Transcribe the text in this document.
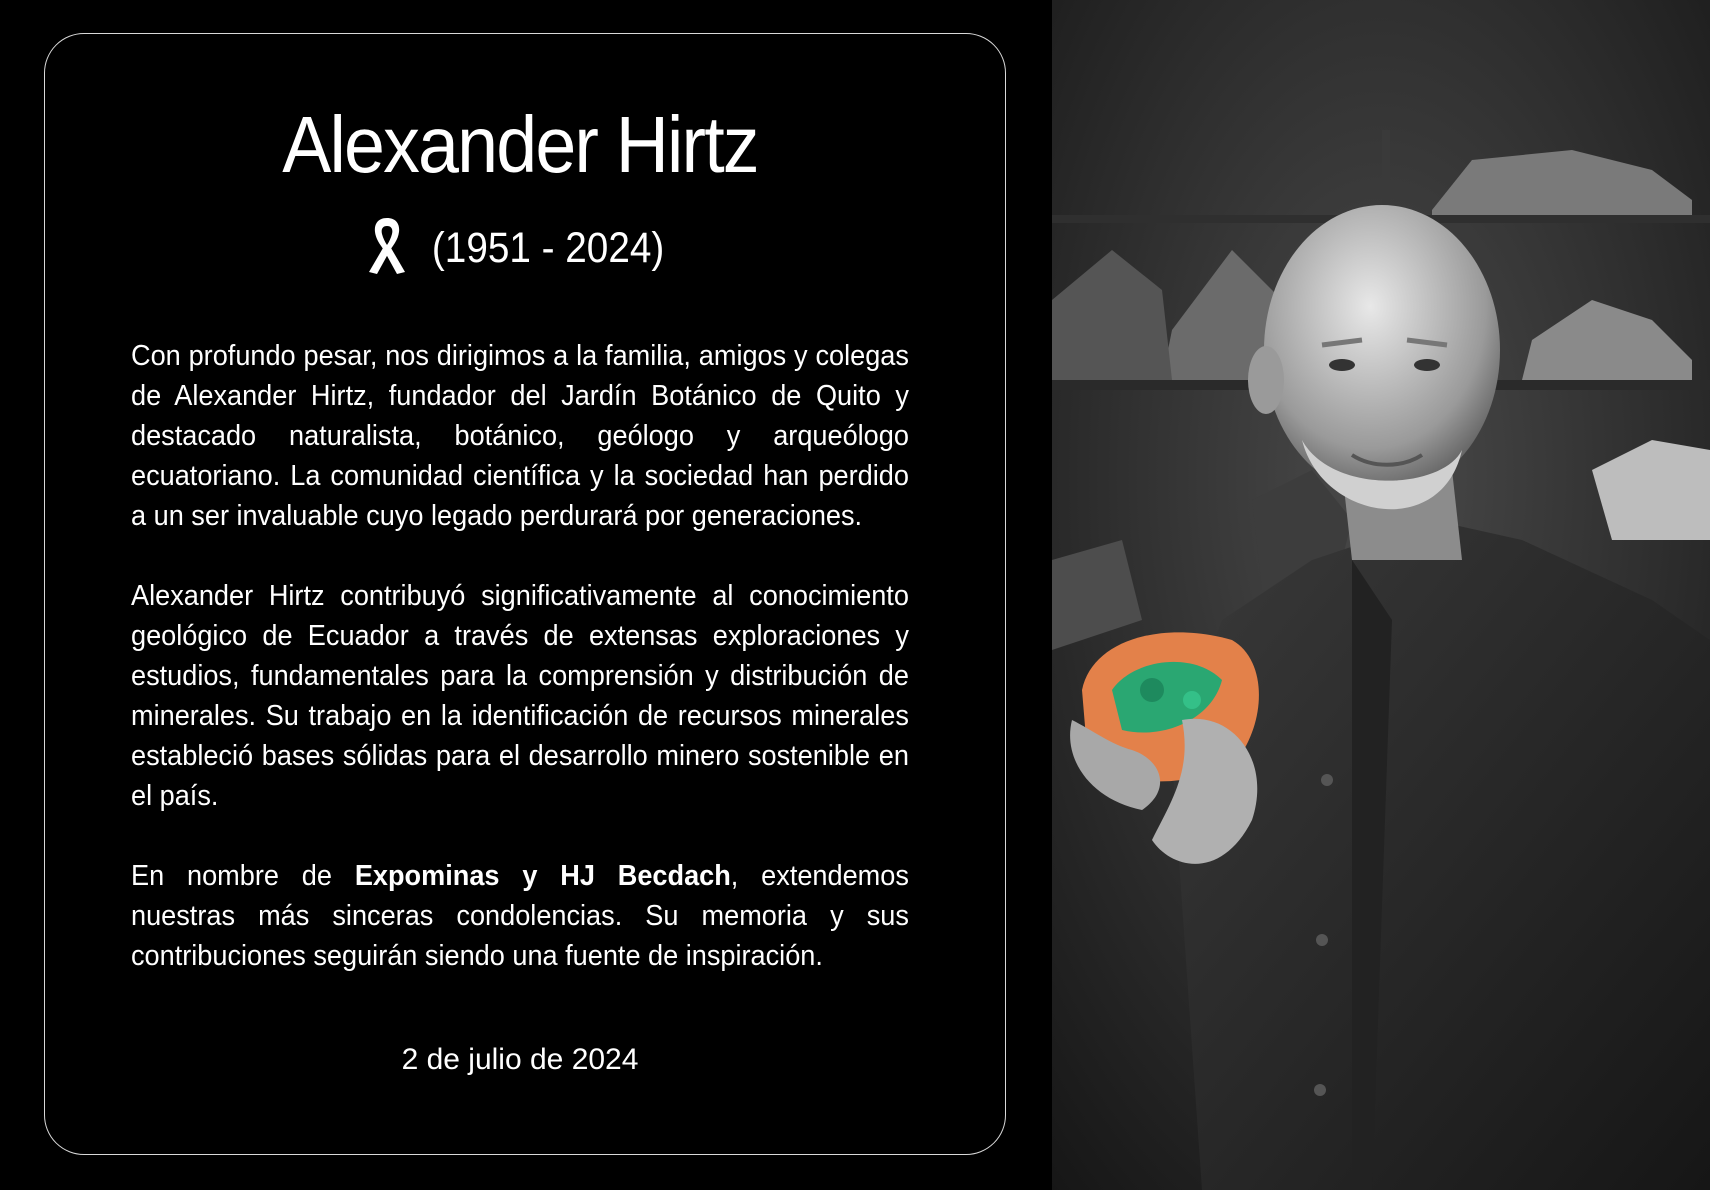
Alexander Hirtz
(1951 - 2024)
Con profundo pesar, nos dirigimos a la familia, amigos y colegas de Alexander Hirtz, fundador del Jardín Botánico de Quito y destacado naturalista, botánico, geólogo y arqueólogo ecuatoriano. La comunidad científica y la sociedad han perdido a un ser invaluable cuyo legado perdurará por generaciones.
Alexander Hirtz contribuyó significativamente al conocimiento geológico de Ecuador a través de extensas exploraciones y estudios, fundamentales para la comprensión y distribución de minerales. Su trabajo en la identificación de recursos minerales estableció bases sólidas para el desarrollo minero sostenible en el país.
En nombre de Expominas y HJ Becdach, extendemos nuestras más sinceras condolencias. Su memoria y sus contribuciones seguirán siendo una fuente de inspiración.
2 de julio de 2024
